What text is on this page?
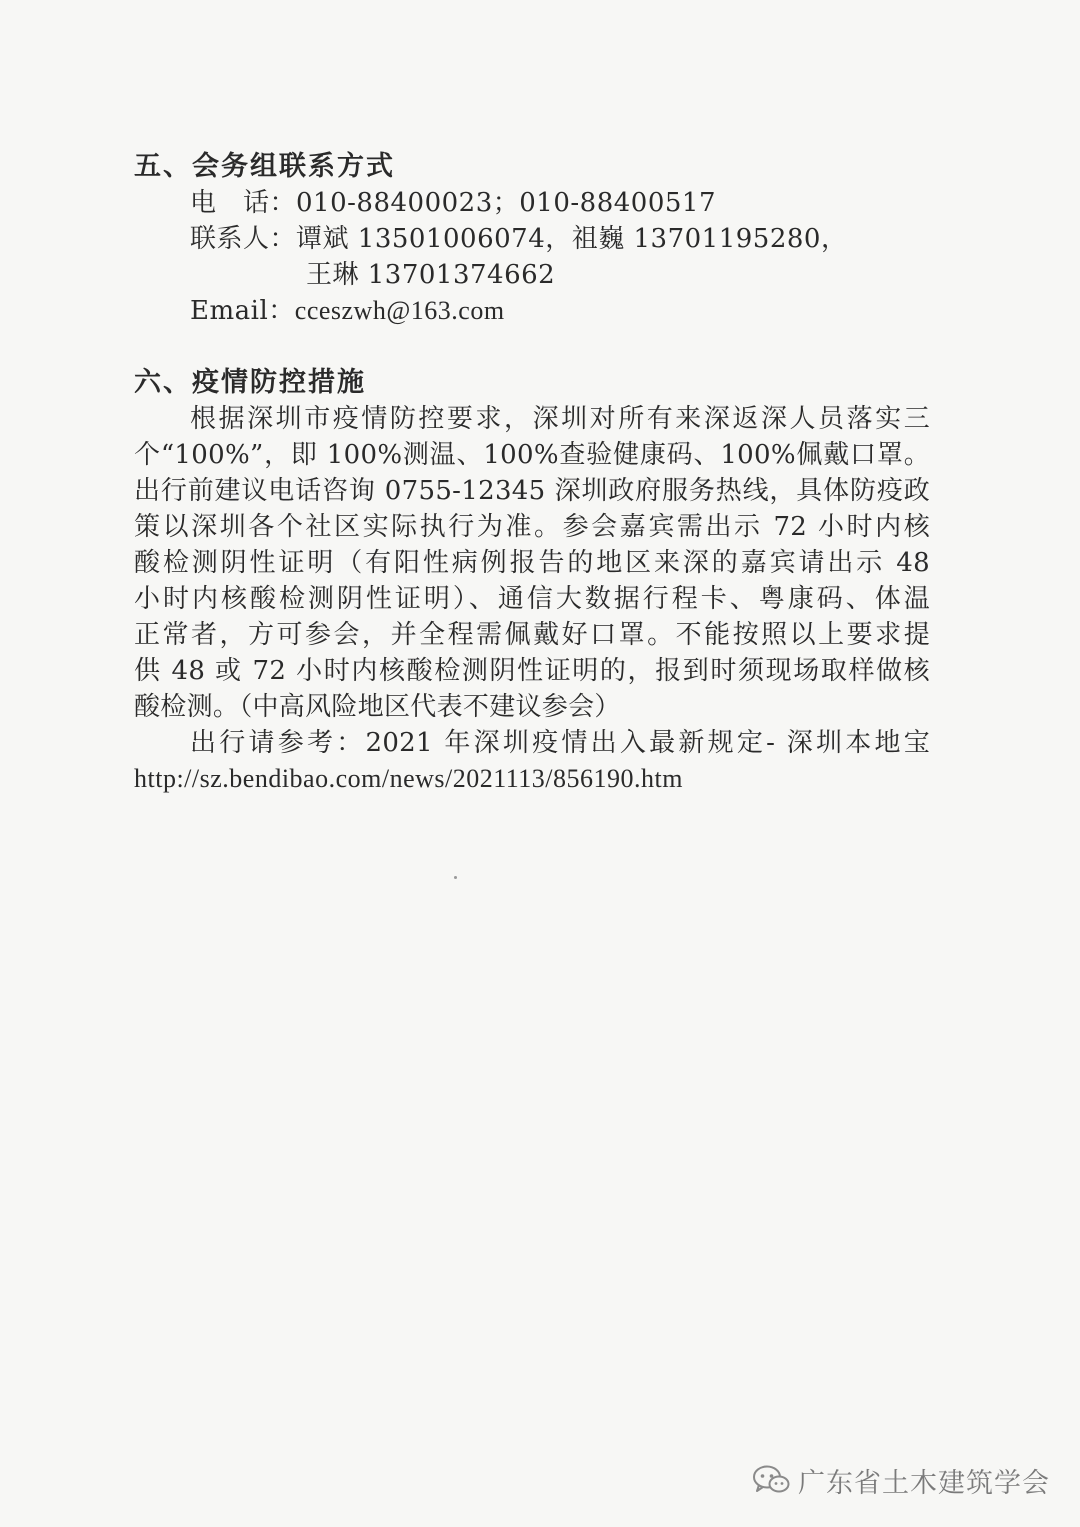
五、会务组联系方式
电　话：010-88400023；010-88400517
联系人：谭斌 13501006074，祖巍 13701195280，
王琳 13701374662
Email：cceszwh@163.com
六、疫情防控措施
根据深圳市疫情防控要求，深圳对所有来深返深人员落实三
个“100%”，即 100%测温、100%查验健康码、100%佩戴口罩。
出行前建议电话咨询 0755-12345 深圳政府服务热线，具体防疫政
策以深圳各个社区实际执行为准。参会嘉宾需出示 72 小时内核
酸检测阴性证明（有阳性病例报告的地区来深的嘉宾请出示 48
小时内核酸检测阴性证明）、通信大数据行程卡、粤康码、体温
正常者，方可参会，并全程需佩戴好口罩。不能按照以上要求提
供 48 或 72 小时内核酸检测阴性证明的，报到时须现场取样做核
酸检测。（中高风险地区代表不建议参会）
出行请参考：2021 年深圳疫情出入最新规定- 深圳本地宝
http://sz.bendibao.com/news/2021113/856190.htm
广东省土木建筑学会
